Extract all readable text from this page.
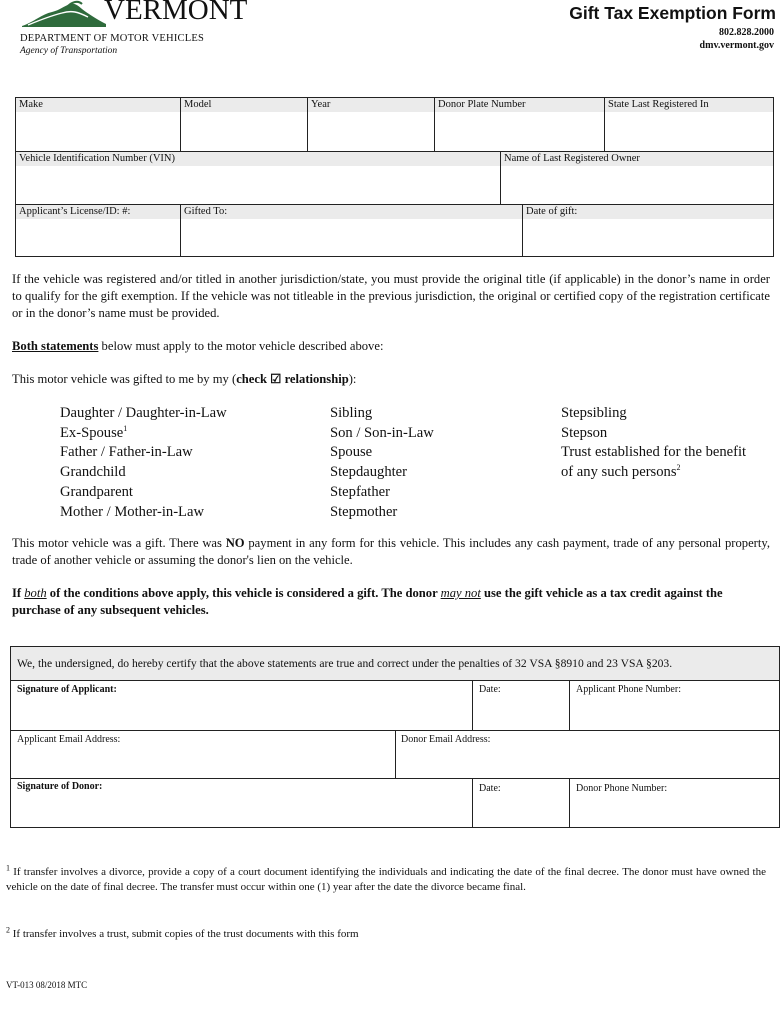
VERMONT
DEPARTMENT OF MOTOR VEHICLES
Agency of Transportation
Gift Tax Exemption Form
802.828.2000
dmv.vermont.gov
Make	Model	Year	Donor Plate Number	State Last Registered In
Vehicle Identification Number (VIN)	Name of Last Registered Owner
Applicant’s License/ID: #:	Gifted To:	Date of gift:
If the vehicle was registered and/or titled in another jurisdiction/state, you must provide the original title (if applicable) in the donor’s name in order to qualify for the gift exemption. If the vehicle was not titleable in the previous jurisdiction, the original or certified copy of the registration certificate or in the donor’s name must be provided.
Both statements below must apply to the motor vehicle described above:
This motor vehicle was gifted to me by my (check ☑ relationship):
Daughter / Daughter-in-Law
Ex-Spouse$^1$
Father / Father-in-Law
Grandchild
Grandparent
Mother / Mother-in-Law
Sibling
Son / Son-in-Law
Spouse
Stepdaughter
Stepfather
Stepmother
Stepsibling
Stepson
Trust established for the benefit
of any such persons$^2$
This motor vehicle was a gift. There was NO payment in any form for this vehicle. This includes any cash payment, trade of any personal property, trade of another vehicle or assuming the donor's lien on the vehicle.
If both of the conditions above apply, this vehicle is considered a gift. The donor may not use the gift vehicle as a tax credit against the purchase of any subsequent vehicles.
We, the undersigned, do hereby certify that the above statements are true and correct under the penalties of 32 VSA §8910 and 23 VSA §203.
Signature of Applicant:	Date:	Applicant Phone Number:
Applicant Email Address:	Donor Email Address:
Signature of Donor:	Date:	Donor Phone Number:
$^1$ If transfer involves a divorce, provide a copy of a court document identifying the individuals and indicating the date of the final decree. The donor must have owned the vehicle on the date of final decree. The transfer must occur within one (1) year after the date the divorce became final.
$^2$ If transfer involves a trust, submit copies of the trust documents with this form
VT-013 08/2018 MTC
